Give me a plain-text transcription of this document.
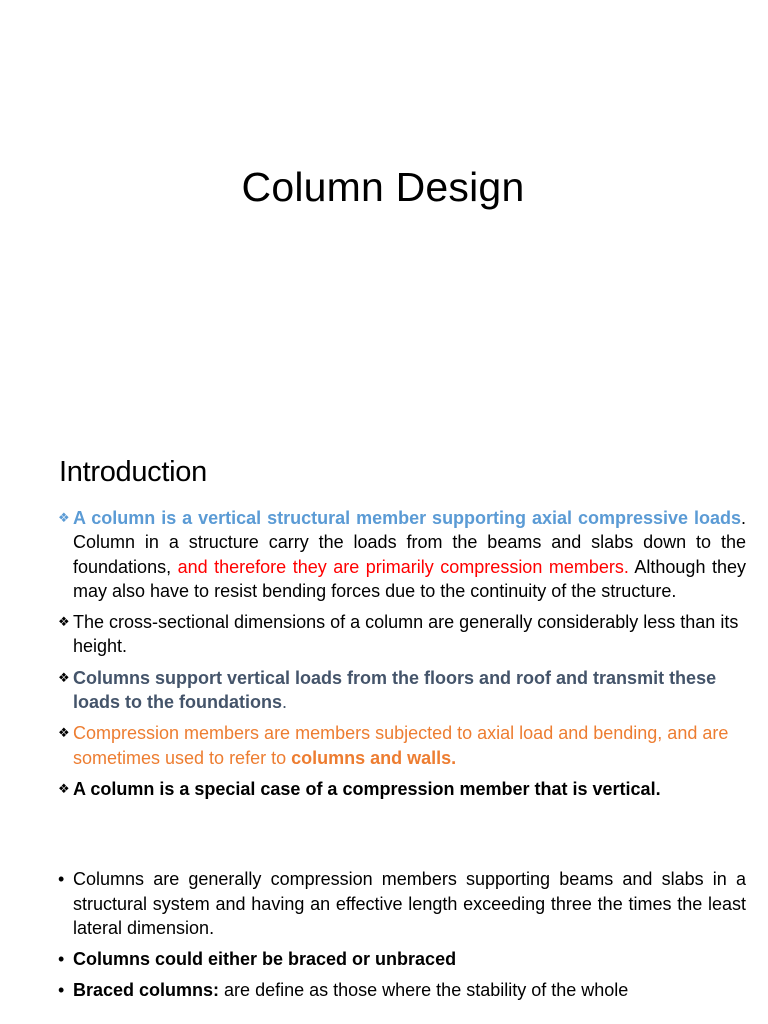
Column Design
Introduction
❖ A column is a vertical structural member supporting axial compressive loads. Column in a structure carry the loads from the beams and slabs down to the foundations, and therefore they are primarily compression members. Although they may also have to resist bending forces due to the continuity of the structure.
❖ The cross-sectional dimensions of a column are generally considerably less than its height.
❖ Columns support vertical loads from the floors and roof and transmit these loads to the foundations.
❖ Compression members are members subjected to axial load and bending, and are sometimes used to refer to columns and walls.
❖ A column is a special case of a compression member that is vertical.
• Columns are generally compression members supporting beams and slabs in a structural system and having an effective length exceeding three the times the least lateral dimension.
• Columns could either be braced or unbraced
• Braced columns: are define as those where the stability of the whole
